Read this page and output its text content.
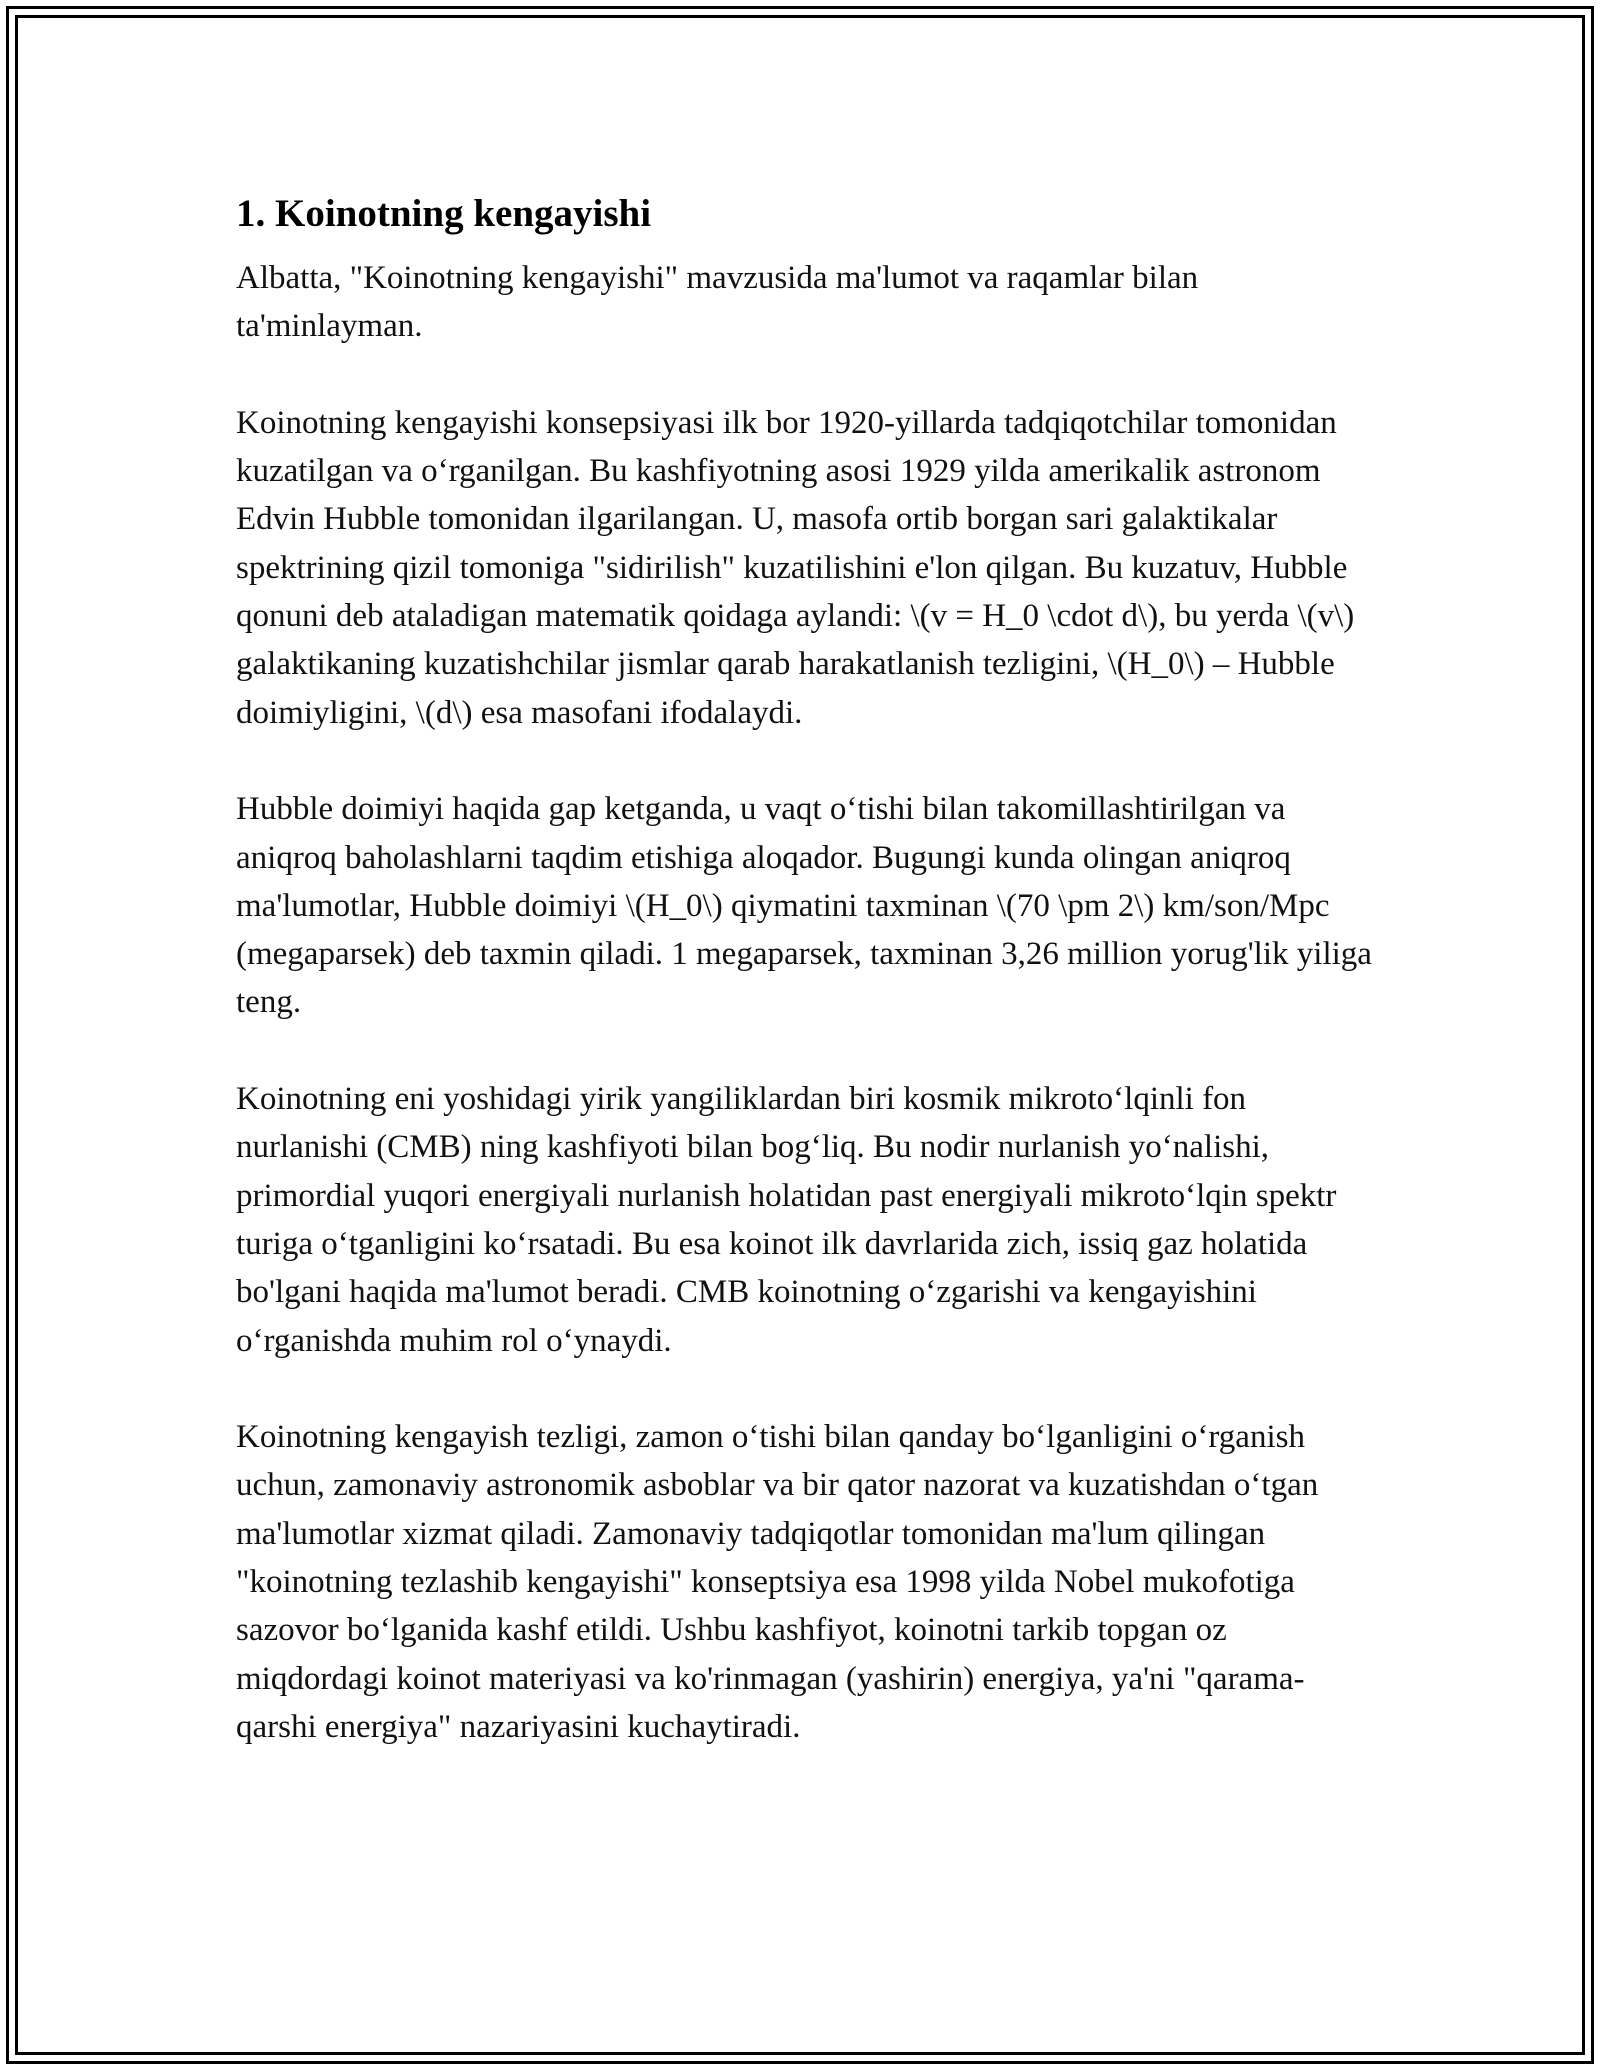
1. Koinotning kengayishi

Albatta, "Koinotning kengayishi" mavzusida ma'lumot va raqamlar bilan ta'minlayman.

Koinotning kengayishi konsepsiyasi ilk bor 1920-yillarda tadqiqotchilar tomonidan kuzatilgan va o‘rganilgan. Bu kashfiyotning asosi 1929 yilda amerikalik astronom Edvin Hubble tomonidan ilgarilangan. U, masofa ortib borgan sari galaktikalar spektrining qizil tomoniga "sidirilish" kuzatilishini e'lon qilgan. Bu kuzatuv, Hubble qonuni deb ataladigan matematik qoidaga aylandi: \(v = H_0 \cdot d\), bu yerda \(v\) galaktikaning kuzatishchilar jismlar qarab harakatlanish tezligini, \(H_0\) – Hubble doimiyligini, \(d\) esa masofani ifodalaydi.

Hubble doimiyi haqida gap ketganda, u vaqt o‘tishi bilan takomillashtirilgan va aniqroq baholashlarni taqdim etishiga aloqador. Bugungi kunda olingan aniqroq ma'lumotlar, Hubble doimiyi \(H_0\) qiymatini taxminan \(70 \pm 2\) km/son/Mpc (megaparsek) deb taxmin qiladi. 1 megaparsek, taxminan 3,26 million yorug'lik yiliga teng.

Koinotning eni yoshidagi yirik yangiliklardan biri kosmik mikroto‘lqinli fon nurlanishi (CMB) ning kashfiyoti bilan bog‘liq. Bu nodir nurlanish yo‘nalishi, primordial yuqori energiyali nurlanish holatidan past energiyali mikroto‘lqin spektr turiga o‘tganligini ko‘rsatadi. Bu esa koinot ilk davrlarida zich, issiq gaz holatida bo'lgani haqida ma'lumot beradi. CMB koinotning o‘zgarishi va kengayishini o‘rganishda muhim rol o‘ynaydi.

Koinotning kengayish tezligi, zamon o‘tishi bilan qanday bo‘lganligini o‘rganish uchun, zamonaviy astronomik asboblar va bir qator nazorat va kuzatishdan o‘tgan ma'lumotlar xizmat qiladi. Zamonaviy tadqiqotlar tomonidan ma'lum qilingan "koinotning tezlashib kengayishi" konseptsiya esa 1998 yilda Nobel mukofotiga sazovor bo‘lganida kashf etildi. Ushbu kashfiyot, koinotni tarkib topgan oz miqdordagi koinot materiyasi va ko'rinmagan (yashirin) energiya, ya'ni "qarama-qarshi energiya" nazariyasini kuchaytiradi.
